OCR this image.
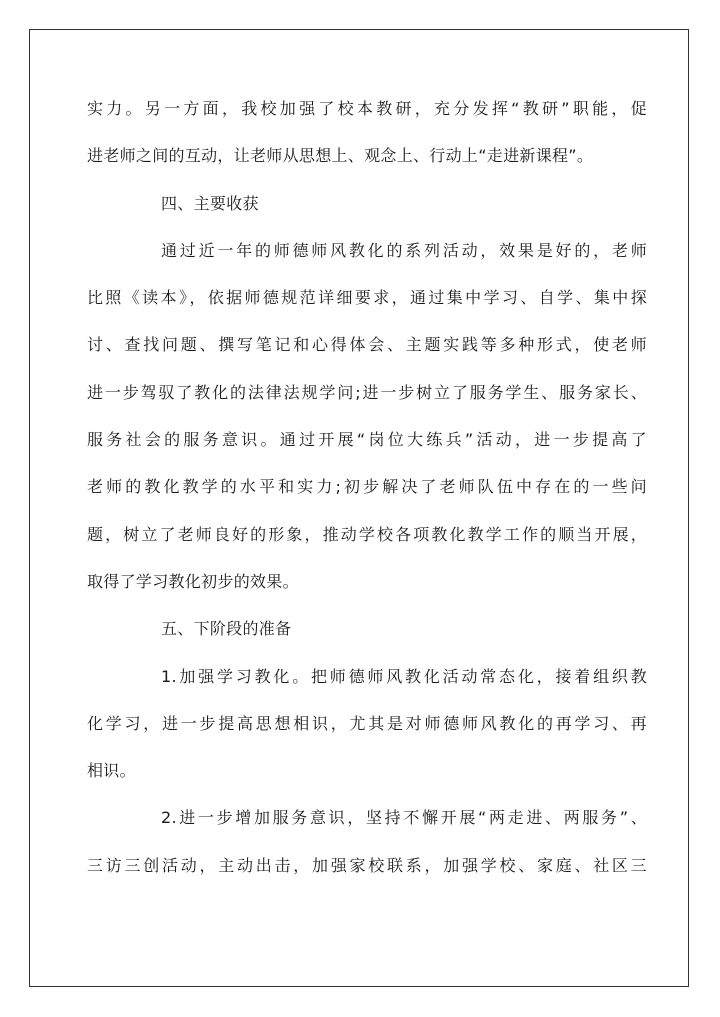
实力。另一方面，我校加强了校本教研，充分发挥“教研”职能，促
进老师之间的互动，让老师从思想上、观念上、行动上“走进新课程”。
四、主要收获
通过近一年的师德师风教化的系列活动，效果是好的，老师
比照《读本》，依据师德规范详细要求，通过集中学习、自学、集中探
讨、查找问题、撰写笔记和心得体会、主题实践等多种形式，使老师
进一步驾驭了教化的法律法规学问;进一步树立了服务学生、服务家长、
服务社会的服务意识。通过开展“岗位大练兵”活动，进一步提高了
老师的教化教学的水平和实力;初步解决了老师队伍中存在的一些问
题，树立了老师良好的形象，推动学校各项教化教学工作的顺当开展，
取得了学习教化初步的效果。
五、下阶段的准备
1.加强学习教化。把师德师风教化活动常态化，接着组织教
化学习，进一步提高思想相识，尤其是对师德师风教化的再学习、再
相识。
2.进一步增加服务意识，坚持不懈开展“两走进、两服务”、
三访三创活动，主动出击，加强家校联系，加强学校、家庭、社区三
